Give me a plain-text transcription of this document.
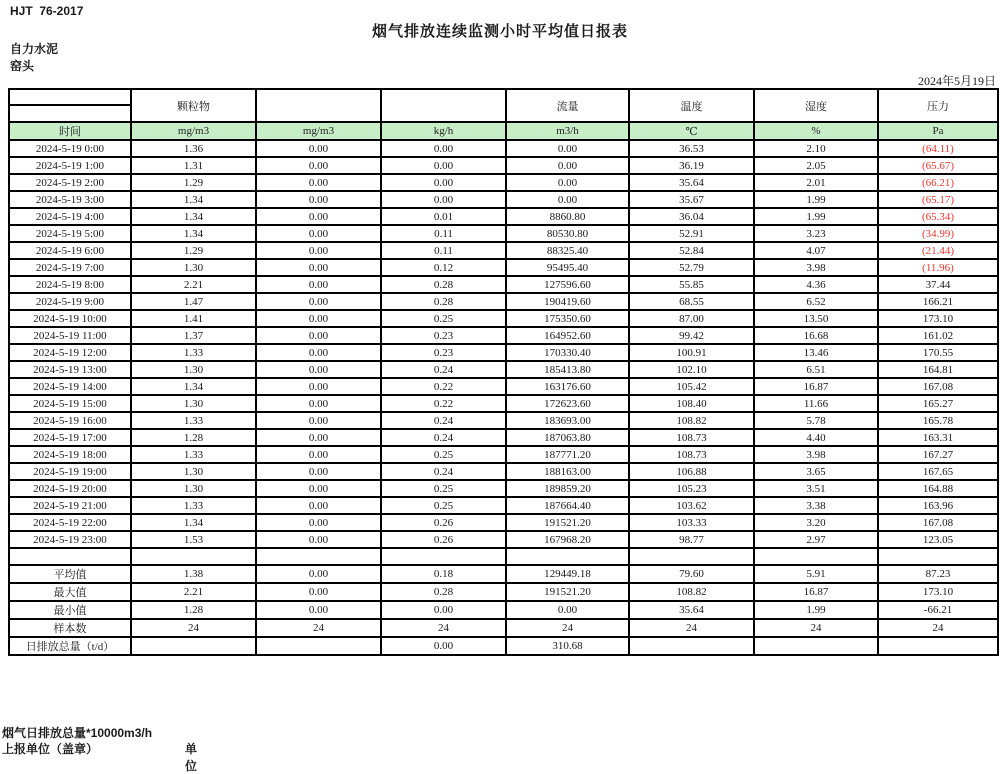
HJT  76-2017
烟气排放连续监测小时平均值日报表
自力水泥
窑头
2024年5月19日
	颗粒物			流量	温度	湿度	压力

时间	mg/m3	mg/m3	kg/h	m3/h	℃	%	Pa
2024-5-19 0:00	1.36	0.00	0.00	0.00	36.53	2.10	(64.11)
2024-5-19 1:00	1.31	0.00	0.00	0.00	36.19	2.05	(65.67)
2024-5-19 2:00	1.29	0.00	0.00	0.00	35.64	2.01	(66.21)
2024-5-19 3:00	1.34	0.00	0.00	0.00	35.67	1.99	(65.17)
2024-5-19 4:00	1.34	0.00	0.01	8860.80	36.04	1.99	(65.34)
2024-5-19 5:00	1.34	0.00	0.11	80530.80	52.91	3.23	(34.99)
2024-5-19 6:00	1.29	0.00	0.11	88325.40	52.84	4.07	(21.44)
2024-5-19 7:00	1.30	0.00	0.12	95495.40	52.79	3.98	(11.96)
2024-5-19 8:00	2.21	0.00	0.28	127596.60	55.85	4.36	37.44
2024-5-19 9:00	1.47	0.00	0.28	190419.60	68.55	6.52	166.21
2024-5-19 10:00	1.41	0.00	0.25	175350.60	87.00	13.50	173.10
2024-5-19 11:00	1.37	0.00	0.23	164952.60	99.42	16.68	161.02
2024-5-19 12:00	1.33	0.00	0.23	170330.40	100.91	13.46	170.55
2024-5-19 13:00	1.30	0.00	0.24	185413.80	102.10	6.51	164.81
2024-5-19 14:00	1.34	0.00	0.22	163176.60	105.42	16.87	167.08
2024-5-19 15:00	1.30	0.00	0.22	172623.60	108.40	11.66	165.27
2024-5-19 16:00	1.33	0.00	0.24	183693.00	108.82	5.78	165.78
2024-5-19 17:00	1.28	0.00	0.24	187063.80	108.73	4.40	163.31
2024-5-19 18:00	1.33	0.00	0.25	187771.20	108.73	3.98	167.27
2024-5-19 19:00	1.30	0.00	0.24	188163.00	106.88	3.65	167.65
2024-5-19 20:00	1.30	0.00	0.25	189859.20	105.23	3.51	164.88
2024-5-19 21:00	1.33	0.00	0.25	187664.40	103.62	3.38	163.96
2024-5-19 22:00	1.34	0.00	0.26	191521.20	103.33	3.20	167.08
2024-5-19 23:00	1.53	0.00	0.26	167968.20	98.77	2.97	123.05

平均值	1.38	0.00	0.18	129449.18	79.60	5.91	87.23
最大值	2.21	0.00	0.28	191521.20	108.82	16.87	173.10
最小值	1.28	0.00	0.00	0.00	35.64	1.99	-66.21
样本数	24	24	24	24	24	24	24
日排放总量（t/d）			0.00	310.68			
烟气日排放总量*10000m3/h
上报单位（盖章）	单位
